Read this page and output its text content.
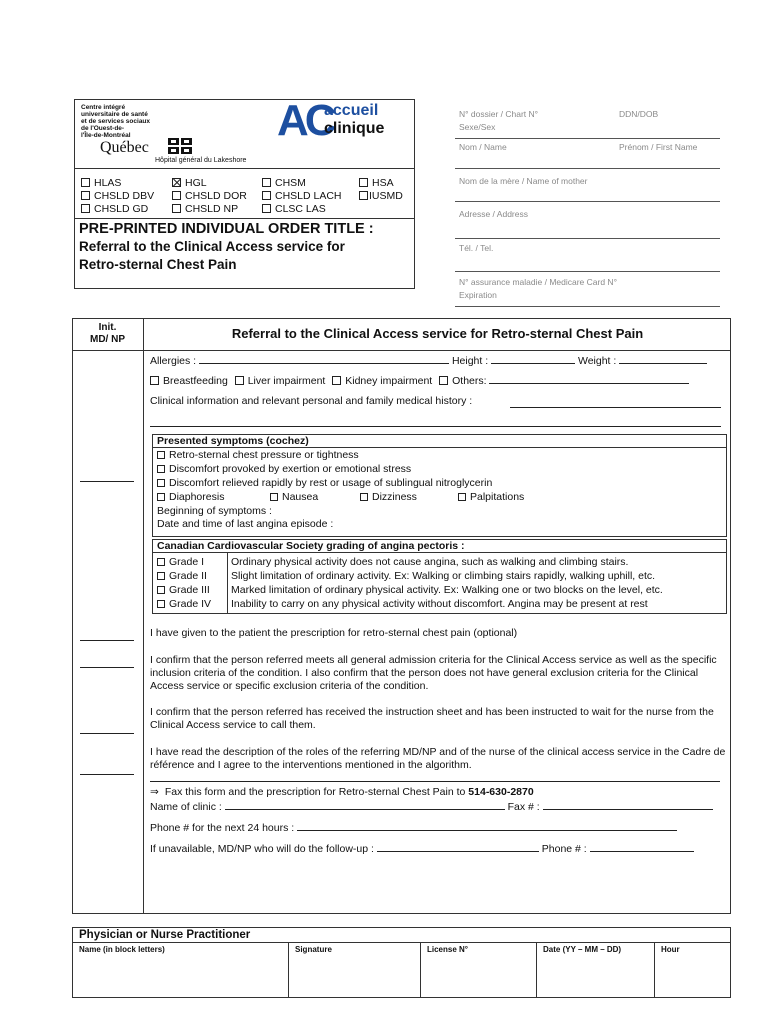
Centre intégré
universitaire de santé
et de services sociaux
de l'Ouest-de-
l'Île-de-Montréal
Québec
Hôpital général du Lakeshore
AC
accueil
clinique
HLAS	HGL	CHSM	HSA
CHSLD DBV	CHSLD DOR	CHSLD LACH	IUSMD
CHSLD GD	CHSLD NP	CLSC LAS
PRE-PRINTED INDIVIDUAL ORDER TITLE :
Referral to the Clinical Access service for
Retro-sternal Chest Pain
N° dossier / Chart N°	DDN/DOB
Sexe/Sex
Nom / Name	Prénom / First Name
Nom de la mère / Name of mother
Adresse / Address
Tél. / Tel.
N° assurance maladie / Medicare Card N°
Expiration
Init.
MD/ NP	Referral to the Clinical Access service for Retro-sternal Chest Pain
Allergies :	Height :	Weight :
Breastfeeding Liver impairment Kidney impairment Others:
Clinical information and relevant personal and family medical history :
Presented symptoms (cochez)
Retro-sternal chest pressure or tightness
Discomfort provoked by exertion or emotional stress
Discomfort relieved rapidly by rest or usage of sublingual nitroglycerin
Diaphoresis	Nausea	Dizziness	Palpitations
Beginning of symptoms :
Date and time of last angina episode :
Canadian Cardiovascular Society grading of angina pectoris :
Grade I	Ordinary physical activity does not cause angina, such as walking and climbing stairs.
Grade II Slight limitation of ordinary activity. Ex: Walking or climbing stairs rapidly, walking uphill, etc.
Grade III Marked limitation of ordinary physical activity. Ex: Walking one or two blocks on the level, etc.
Grade IV Inability to carry on any physical activity without discomfort. Angina may be present at rest
I have given to the patient the prescription for retro-sternal chest pain (optional)
I confirm that the person referred meets all general admission criteria for the Clinical Access service as well as the specific inclusion criteria of the condition. I also confirm that the person does not have general exclusion criteria for the Clinical Access service or specific exclusion criteria of the condition.
I confirm that the person referred has received the instruction sheet and has been instructed to wait for the nurse from the Clinical Access service to call them.
I have read the description of the roles of the referring MD/NP and of the nurse of the clinical access service in the Cadre de référence and I agree to the interventions mentioned in the algorithm.
⇒ Fax this form and the prescription for Retro-sternal Chest Pain to 514-630-2870
Name of clinic :	Fax # :
Phone # for the next 24 hours :
If unavailable, MD/NP who will do the follow-up :	Phone # :
Physician or Nurse Practitioner
Name (in block letters)	Signature	License N°	Date (YY – MM – DD)	Hour
